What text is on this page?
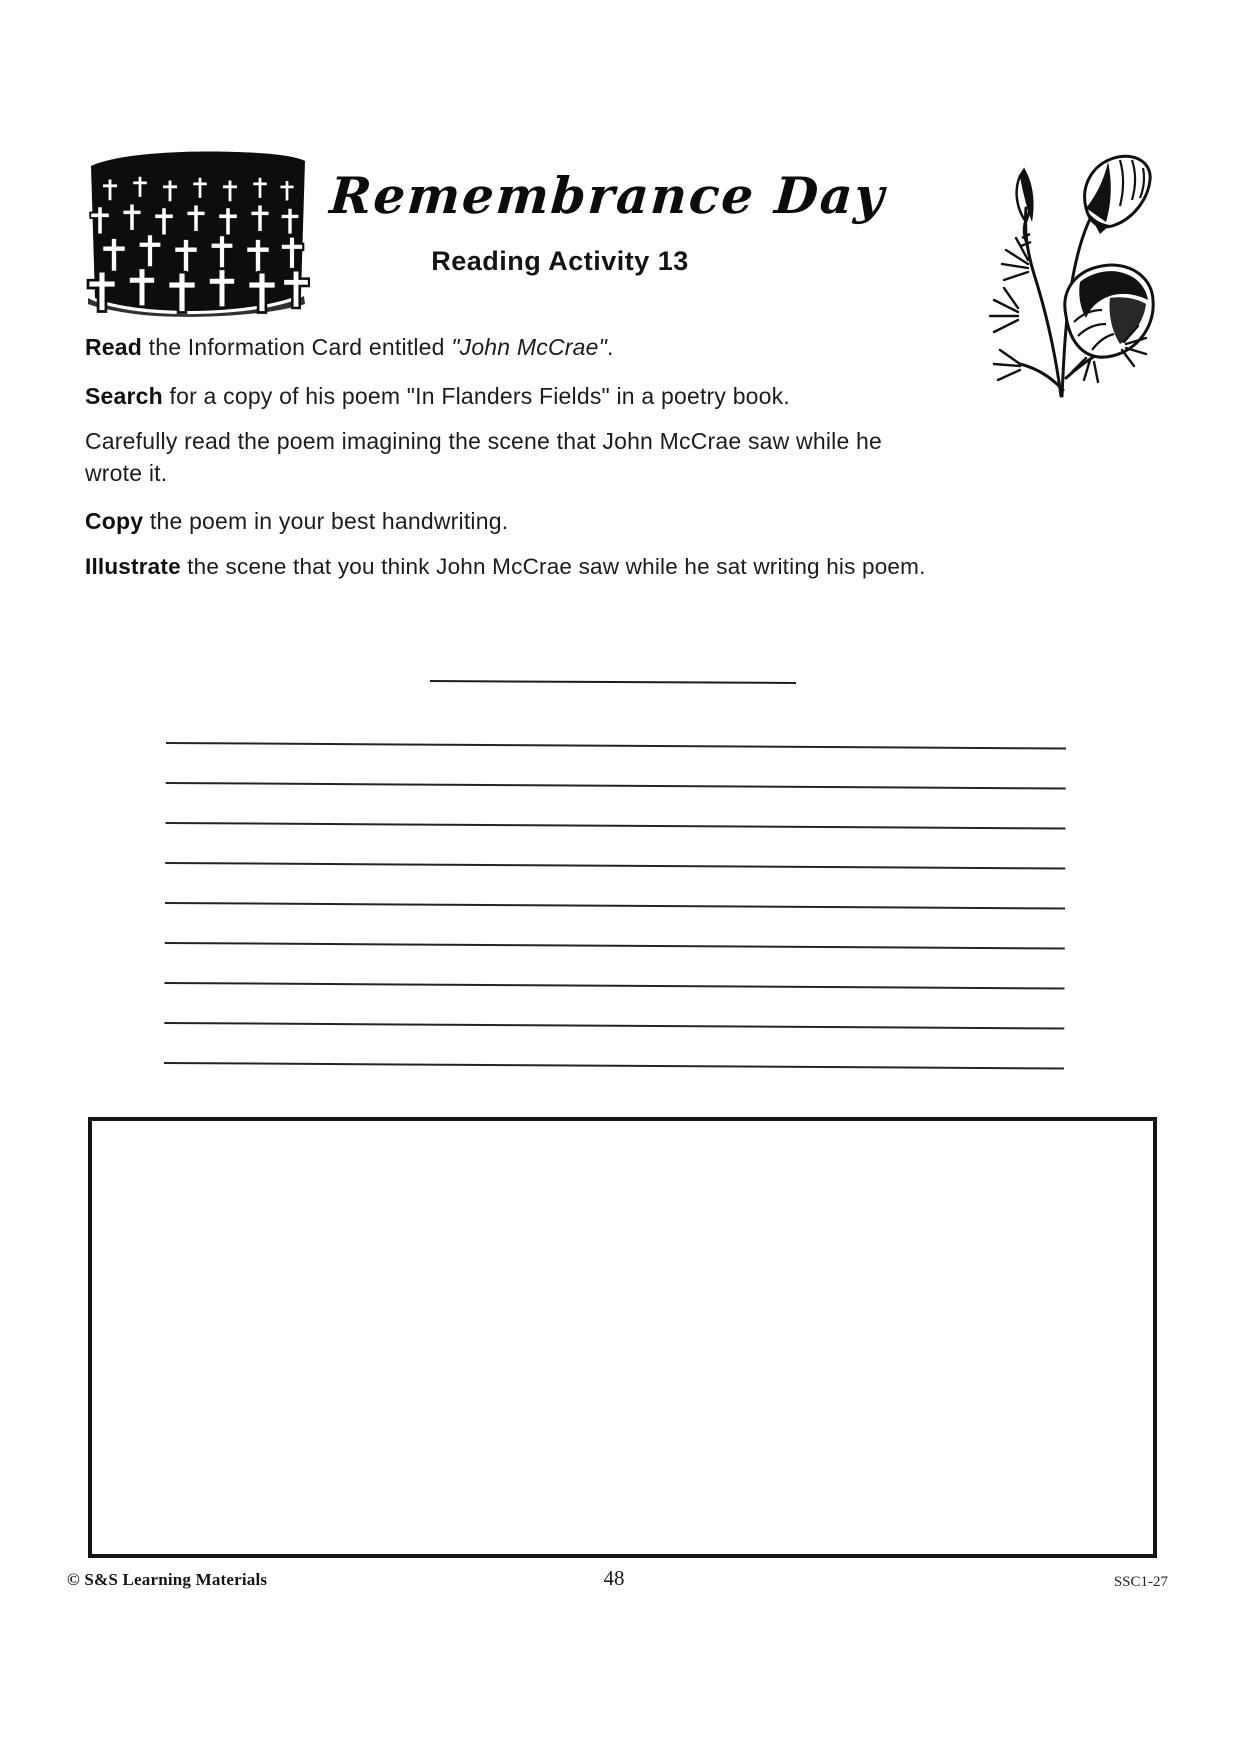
Remembrance Day
Reading Activity 13

Read the Information Card entitled "John McCrae".

Search for a copy of his poem "In Flanders Fields" in a poetry book.

Carefully read the poem imagining the scene that John McCrae saw while he
wrote it.

Copy the poem in your best handwriting.

Illustrate the scene that you think John McCrae saw while he sat writing his poem.

© S&S Learning Materials	48	SSC1-27
